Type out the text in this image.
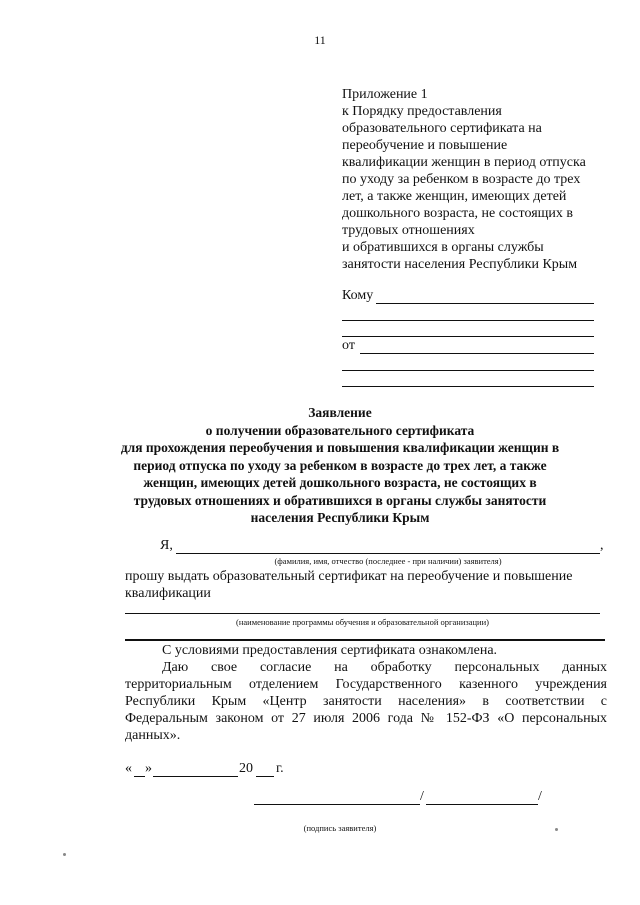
11
Приложение 1
к Порядку предоставления
образовательного сертификата на
переобучение и повышение
квалификации женщин в период отпуска
по уходу за ребенком в возрасте до трех
лет, а также женщин, имеющих детей
дошкольного возраста, не состоящих в
трудовых отношениях
и обратившихся в органы службы
занятости населения Республики Крым
Кому
от
Заявление
о получении образовательного сертификата
для прохождения переобучения и повышения квалификации женщин в
период отпуска по уходу за ребенком в возрасте до трех лет, а также
женщин, имеющих детей дошкольного возраста, не состоящих в
трудовых отношениях и обратившихся в органы службы занятости
населения Республики Крым
Я,	,
(фамилия, имя, отчество (последнее - при наличии) заявителя)
прошу выдать образовательный сертификат на переобучение и повышение
квалификации
(наименование программы обучения и образовательной организации)
С условиями предоставления сертификата ознакомлена.
Даю свое согласие на обработку персональных данных
территориальным отделением Государственного казенного учреждения
Республики Крым «Центр занятости населения» в соответствии с
Федеральным законом от 27 июля 2006 года № 152-ФЗ «О персональных
данных».
« »	20 г.
/	/
(подпись заявителя)
